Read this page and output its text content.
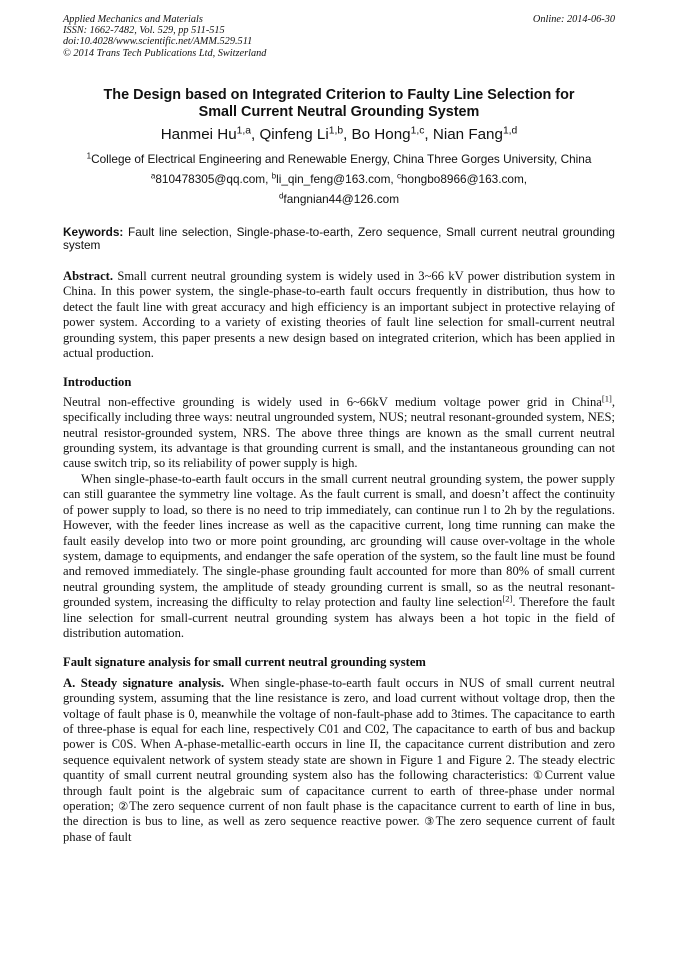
Applied Mechanics and Materials
ISSN: 1662-7482, Vol. 529, pp 511-515
doi:10.4028/www.scientific.net/AMM.529.511
© 2014 Trans Tech Publications Ltd, Switzerland
Online: 2014-06-30
The Design based on Integrated Criterion to Faulty Line Selection for
Small Current Neutral Grounding System
Hanmei Hu$^{1,a}$, Qinfeng Li$^{1,b}$, Bo Hong$^{1,c}$, Nian Fang$^{1,d}$
$^1$College of Electrical Engineering and Renewable Energy, China Three Gorges University, China
$^a$810478305@qq.com, $^b$li_qin_feng@163.com, $^c$hongbo8966@163.com,
$^d$fangnian44@126.com
Keywords: Fault line selection, Single-phase-to-earth, Zero sequence, Small current neutral grounding system
Abstract. Small current neutral grounding system is widely used in 3~66 kV power distribution system in China. In this power system, the single-phase-to-earth fault occurs frequently in distribution, thus how to detect the fault line with great accuracy and high efficiency is an important subject in protective relaying of power system. According to a variety of existing theories of fault line selection for small-current neutral grounding system, this paper presents a new design based on integrated criterion, which has been applied in actual production.
Introduction
Neutral non-effective grounding is widely used in 6~66kV medium voltage power grid in China[1], specifically including three ways: neutral ungrounded system, NUS; neutral resonant-grounded system, NES; neutral resistor-grounded system, NRS. The above three things are known as the small current neutral grounding system, its advantage is that grounding current is small, and the instantaneous grounding can not cause switch trip, so its reliability of power supply is high.
When single-phase-to-earth fault occurs in the small current neutral grounding system, the power supply can still guarantee the symmetry line voltage. As the fault current is small, and doesn’t affect the continuity of power supply to load, so there is no need to trip immediately, can continue run l to 2h by the regulations. However, with the feeder lines increase as well as the capacitive current, long time running can make the fault easily develop into two or more point grounding, arc grounding will cause over-voltage in the whole system, damage to equipments, and endanger the safe operation of the system, so the fault line must be found and removed immediately. The single-phase grounding fault accounted for more than 80% of small current neutral grounding system, the amplitude of steady grounding current is small, so as the neutral resonant-grounded system, increasing the difficulty to relay protection and faulty line selection[2]. Therefore the fault line selection for small-current neutral grounding system has always been a hot topic in the field of distribution automation.
Fault signature analysis for small current neutral grounding system
A. Steady signature analysis. When single-phase-to-earth fault occurs in NUS of small current neutral grounding system, assuming that the line resistance is zero, and load current without voltage drop, then the voltage of fault phase is 0, meanwhile the voltage of non-fault-phase add to 3times. The capacitance to earth of three-phase is equal for each line, respectively C01 and C02, The capacitance to earth of bus and backup power is C0S. When A-phase-metallic-earth occurs in line II, the capacitance current distribution and zero sequence equivalent network of system steady state are shown in Figure 1 and Figure 2. The steady electric quantity of small current neutral grounding system also has the following characteristics: ①Current value through fault point is the algebraic sum of capacitance current to earth of three-phase under normal operation; ②The zero sequence current of non fault phase is the capacitance current to earth of line in bus, the direction is bus to line, as well as zero sequence reactive power. ③The zero sequence current of fault phase of fault
